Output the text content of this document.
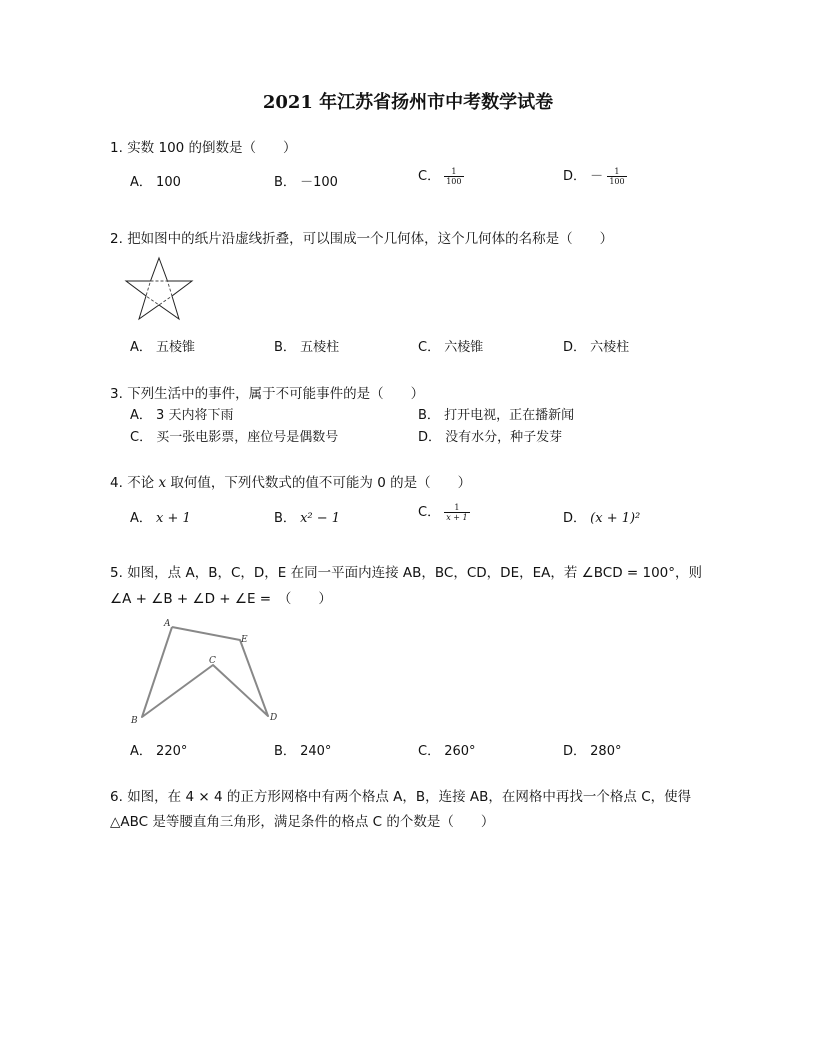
2021 年江苏省扬州市中考数学试卷
1. 实数 100 的倒数是（　　）
A． 100	B． －100	C． $\frac{1}{100}$	D． － $\frac{1}{100}$
2. 把如图中的纸片沿虚线折叠，可以围成一个几何体，这个几何体的名称是（　　）
A． 五棱锥	B． 五棱柱	C． 六棱锥	D． 六棱柱
3. 下列生活中的事件，属于不可能事件的是（　　）
A． 3 天内将下雨	B． 打开电视，正在播新闻
C． 买一张电影票，座位号是偶数号	D． 没有水分，种子发芽
4. 不论 x 取何值，下列代数式的值不可能为 0 的是（　　）
A． x + 1	B． x² − 1	C． $\frac{1}{x + 1}$	D． (x + 1)²
5. 如图，点 A，B，C，D，E 在同一平面内连接 AB，BC，CD，DE，EA，若 ∠BCD = 100°，则
∠A + ∠B + ∠D + ∠E =　（　　）
A
E
C
B	D
A． 220°	B． 240°	C． 260°	D． 280°
6. 如图，在 4 × 4 的正方形网格中有两个格点 A，B，连接 AB，在网格中再找一个格点 C，使得
△ABC 是等腰直角三角形，满足条件的格点 C 的个数是（　　）
